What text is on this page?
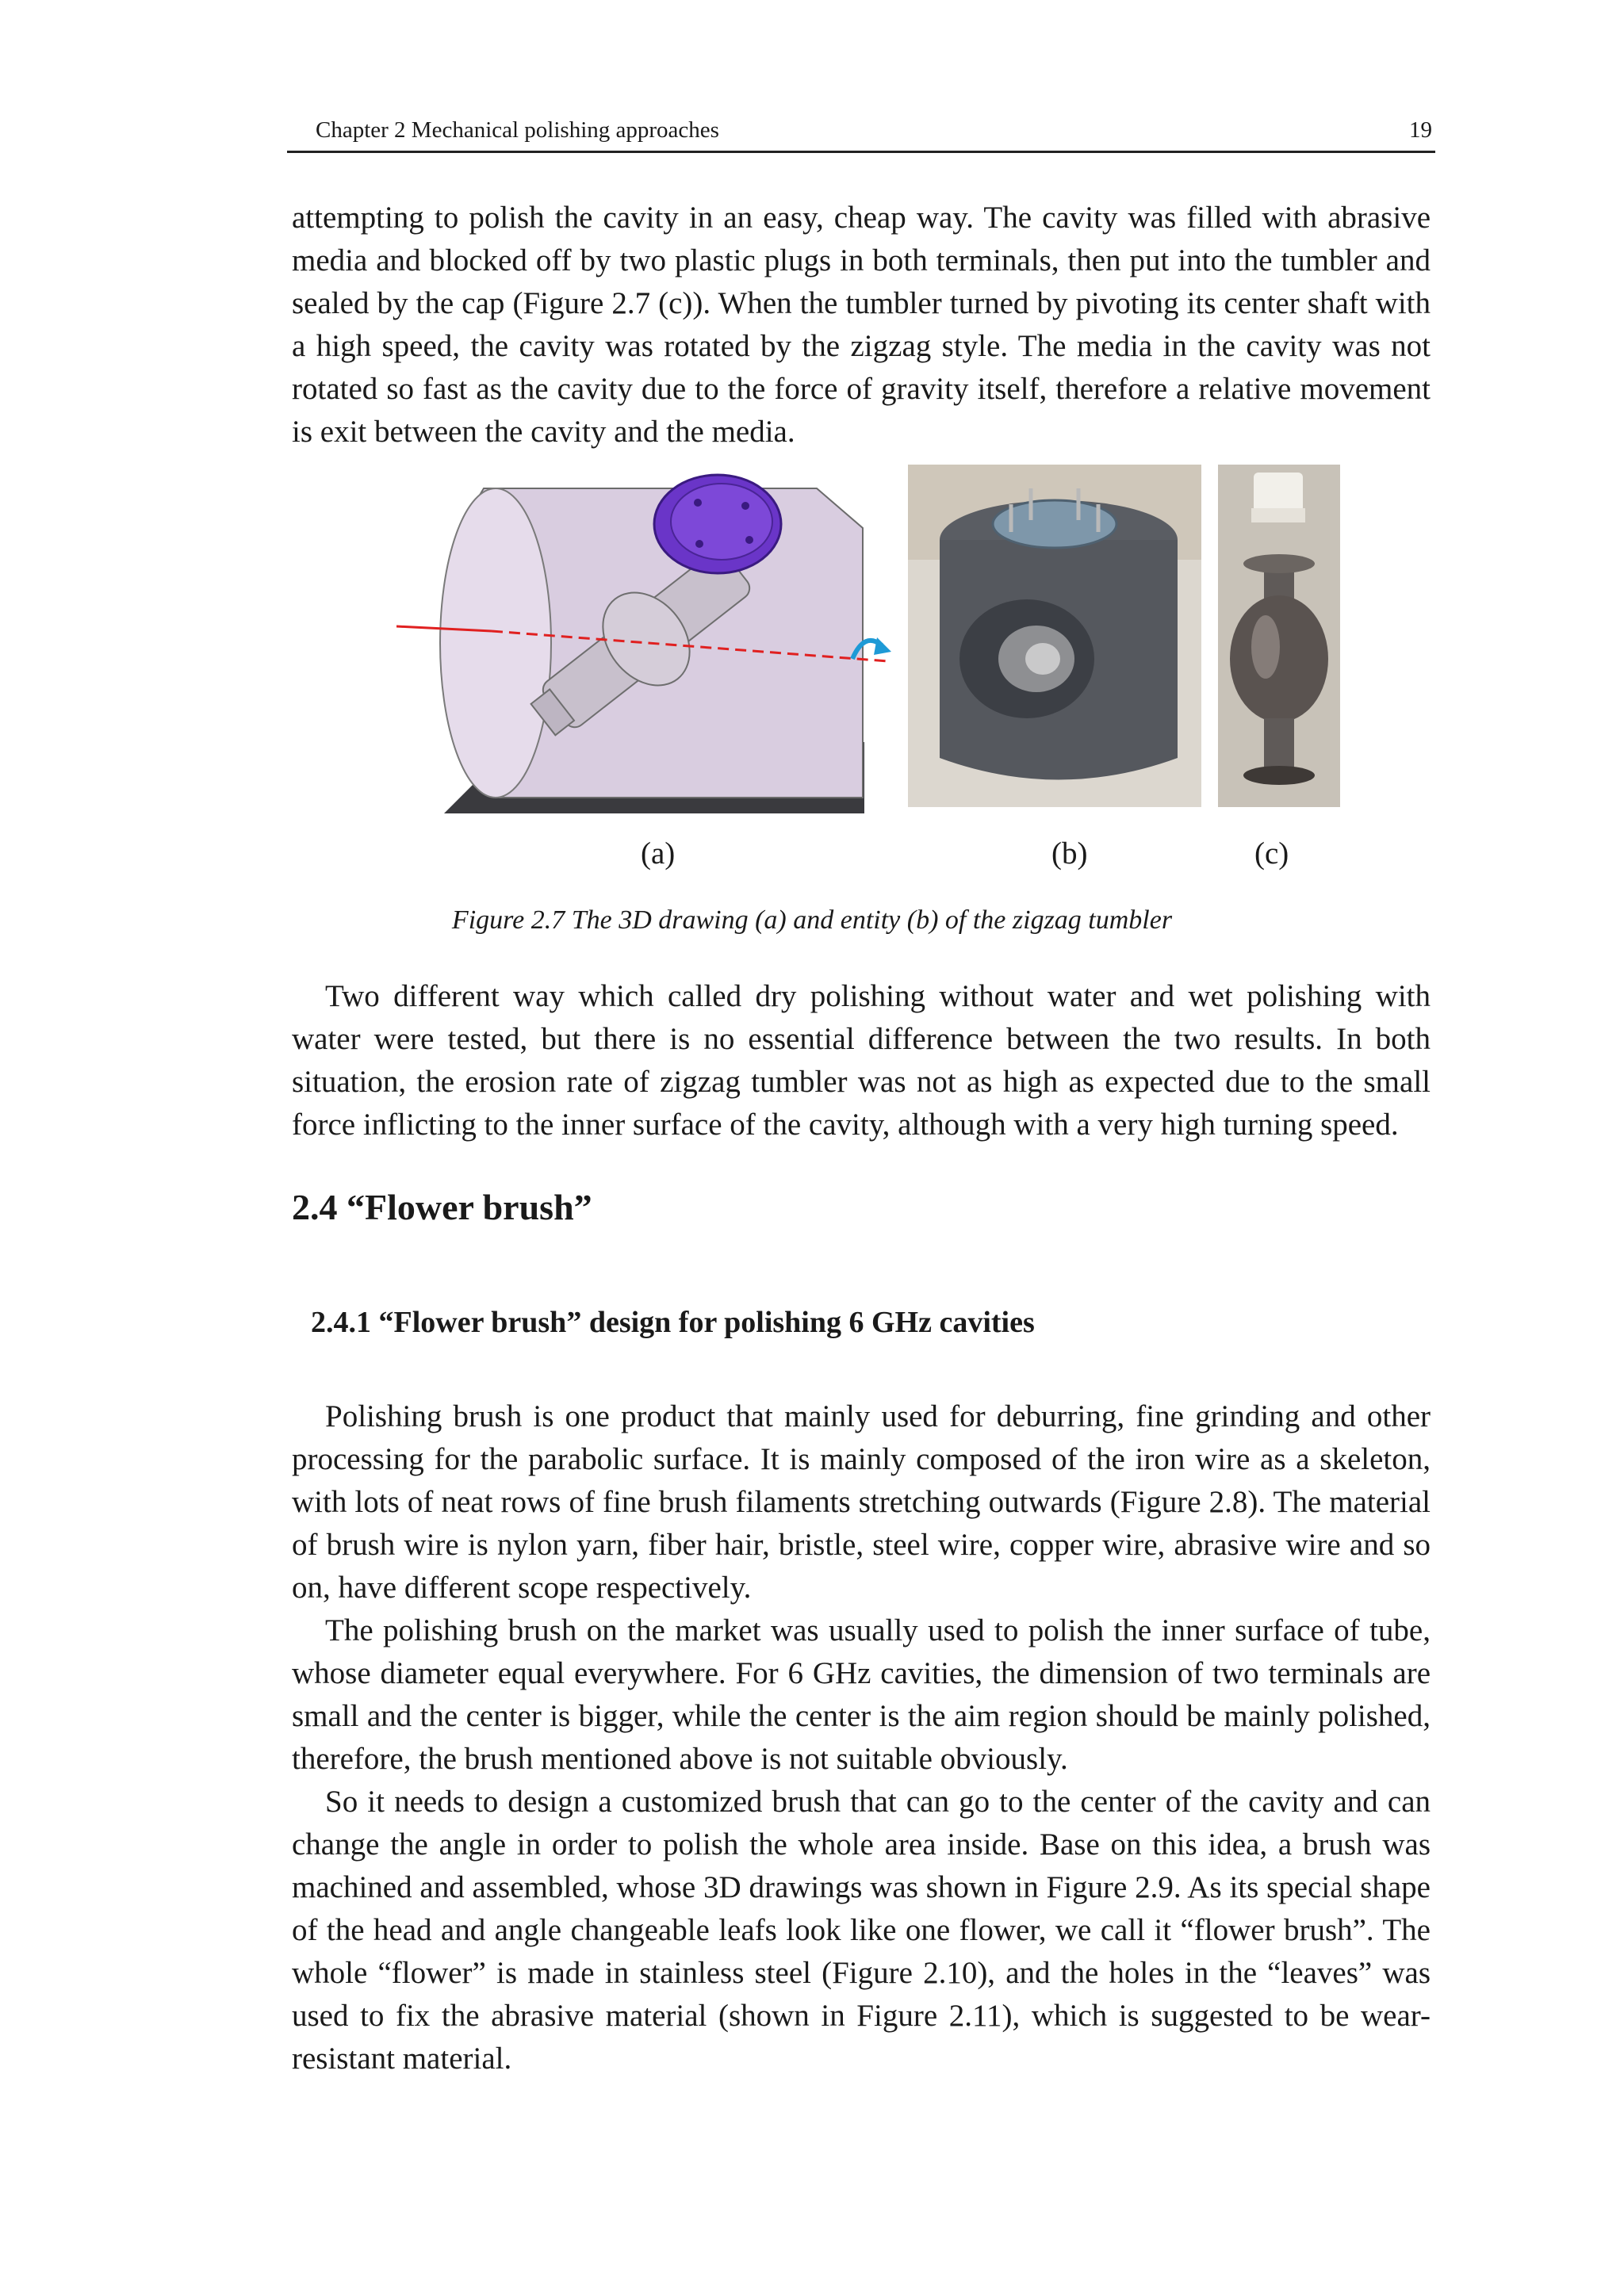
Chapter 2 Mechanical polishing approaches	19

attempting to polish the cavity in an easy, cheap way. The cavity was filled with abrasive media and blocked off by two plastic plugs in both terminals, then put into the tumbler and sealed by the cap (Figure 2.7 (c)). When the tumbler turned by pivoting its center shaft with a high speed, the cavity was rotated by the zigzag style. The media in the cavity was not rotated so fast as the cavity due to the force of gravity itself, therefore a relative movement is exit between the cavity and the media.

(a)	(b)	(c)
Figure 2.7 The 3D drawing (a) and entity (b) of the zigzag tumbler

Two different way which called dry polishing without water and wet polishing with water were tested, but there is no essential difference between the two results. In both situation, the erosion rate of zigzag tumbler was not as high as expected due to the small force inflicting to the inner surface of the cavity, although with a very high turning speed.

2.4 “Flower brush”
2.4.1 “Flower brush” design for polishing 6 GHz cavities

Polishing brush is one product that mainly used for deburring, fine grinding and other processing for the parabolic surface. It is mainly composed of the iron wire as a skeleton, with lots of neat rows of fine brush filaments stretching outwards (Figure 2.8). The material of brush wire is nylon yarn, fiber hair, bristle, steel wire, copper wire, abrasive wire and so on, have different scope respectively.

The polishing brush on the market was usually used to polish the inner surface of tube, whose diameter equal everywhere. For 6 GHz cavities, the dimension of two terminals are small and the center is bigger, while the center is the aim region should be mainly polished, therefore, the brush mentioned above is not suitable obviously.

So it needs to design a customized brush that can go to the center of the cavity and can change the angle in order to polish the whole area inside. Base on this idea, a brush was machined and assembled, whose 3D drawings was shown in Figure 2.9. As its special shape of the head and angle changeable leafs look like one flower, we call it “flower brush”. The whole “flower” is made in stainless steel (Figure 2.10), and the holes in the “leaves” was used to fix the abrasive material (shown in Figure 2.11), which is suggested to be wear-resistant material.
